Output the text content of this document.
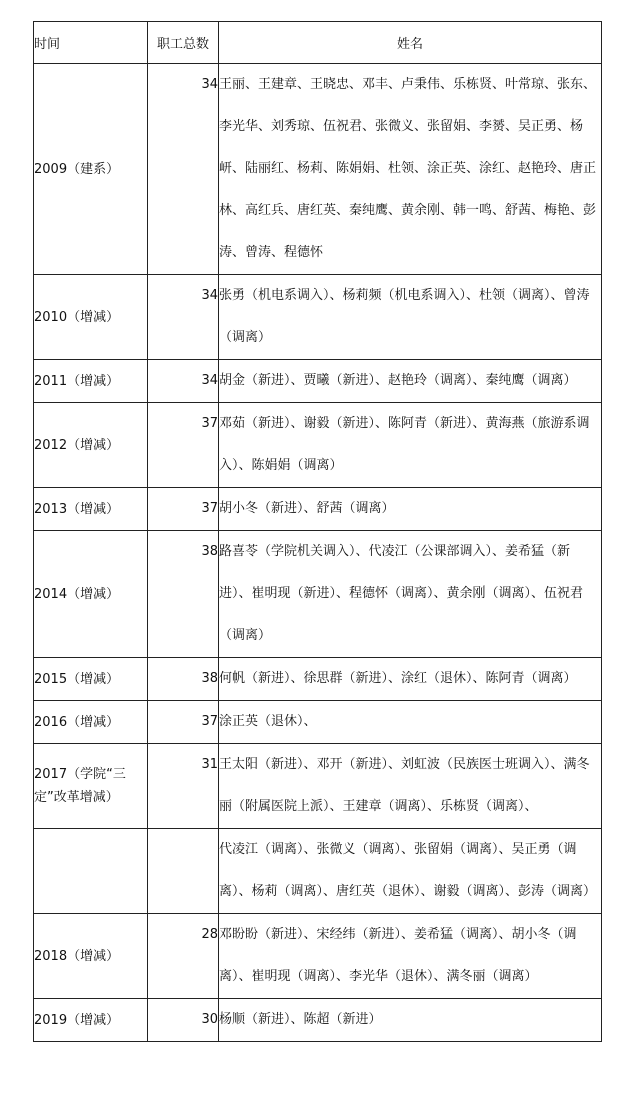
时间	职工总数	姓名
2009（建系）	34	王丽、王建章、王晓忠、邓丰、卢秉伟、乐栋贤、叶常琼、张东、李光华、刘秀琼、伍祝君、张微义、张留娟、李赟、吴正勇、杨岍、陆丽红、杨莉、陈娟娟、杜领、涂正英、涂红、赵艳玲、唐正林、高红兵、唐红英、秦纯鹰、黄余刚、韩一鸣、舒茜、梅艳、彭涛、曾涛、程德怀
2010（增减）	34	张勇（机电系调入）、杨莉频（机电系调入）、杜领（调离）、曾涛（调离）
2011（增减）	34	胡金（新进）、贾曦（新进）、赵艳玲（调离）、秦纯鹰（调离）
2012（增减）	37	邓茹（新进）、谢毅（新进）、陈阿青（新进）、黄海燕（旅游系调入）、陈娟娟（调离）
2013（增减）	37	胡小冬（新进）、舒茜（调离）
2014（增减）	38	路喜苓（学院机关调入）、代凌江（公课部调入）、姜希猛（新进）、崔明现（新进）、程德怀（调离）、黄余刚（调离）、伍祝君（调离）
2015（增减）	38	何帆（新进）、徐思群（新进）、涂红（退休）、陈阿青（调离）
2016（增减）	37	涂正英（退休）、
2017（学院“三定”改革增减）	31	王太阳（新进）、邓开（新进）、刘虹波（民族医士班调入）、满冬丽（附属医院上派）、王建章（调离）、乐栋贤（调离）、
		代凌江（调离）、张微义（调离）、张留娟（调离）、吴正勇（调离）、杨莉（调离）、唐红英（退休）、谢毅（调离）、彭涛（调离）
2018（增减）	28	邓盼盼（新进）、宋经纬（新进）、姜希猛（调离）、胡小冬（调离）、崔明现（调离）、李光华（退休）、满冬丽（调离）
2019（增减）	30	杨顺（新进）、陈超（新进）
